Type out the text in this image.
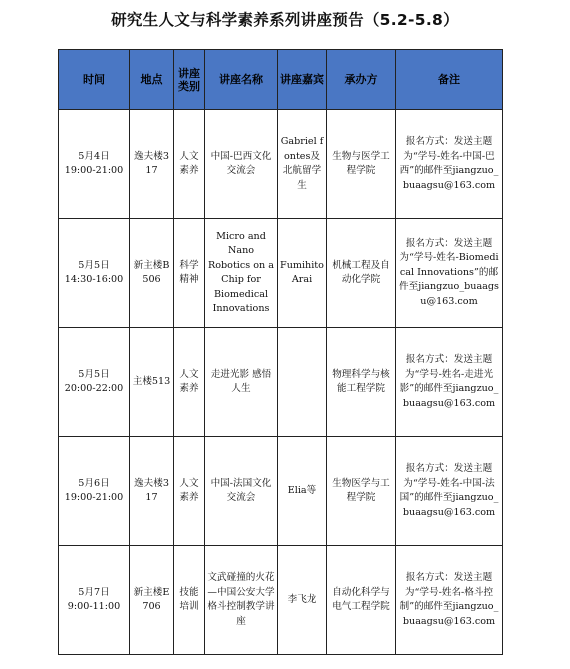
研究生人文与科学素养系列讲座预告（5.2-5.8）
时间	地点	讲座类别	讲座名称	讲座嘉宾	承办方	备注

5月4日
19:00-21:00	逸夫楼317	人文素养	中国-巴西文化交流会	Gabriel fontes及北航留学生	生物与医学工程学院	报名方式：发送主题为“学号-姓名-中国-巴西”的邮件至jiangzuo_buaagsu@163.com

5月5日
14:30-16:00	新主楼B506	科学精神	Micro and Nano Robotics on a Chip for Biomedical Innovations	Fumihito Arai	机械工程及自动化学院	报名方式：发送主题为“学号-姓名-Biomedical Innovations”的邮件至jiangzuo_buaagsu@163.com

5月5日
20:00-22:00	主楼513	人文素养	走进光影 感悟人生		物理科学与核能工程学院	报名方式：发送主题为“学号-姓名-走进光影”的邮件至jiangzuo_buaagsu@163.com

5月6日
19:00-21:00	逸夫楼317	人文素养	中国-法国文化交流会	Elia等	生物医学与工程学院	报名方式：发送主题为“学号-姓名-中国-法国”的邮件至jiangzuo_buaagsu@163.com

5月7日
9:00-11:00	新主楼E706	技能培训	文武碰撞的火花—中国公安大学格斗控制教学讲座	李飞龙	自动化科学与电气工程学院	报名方式：发送主题为“学号-姓名-格斗控制”的邮件至jiangzuo_buaagsu@163.com
